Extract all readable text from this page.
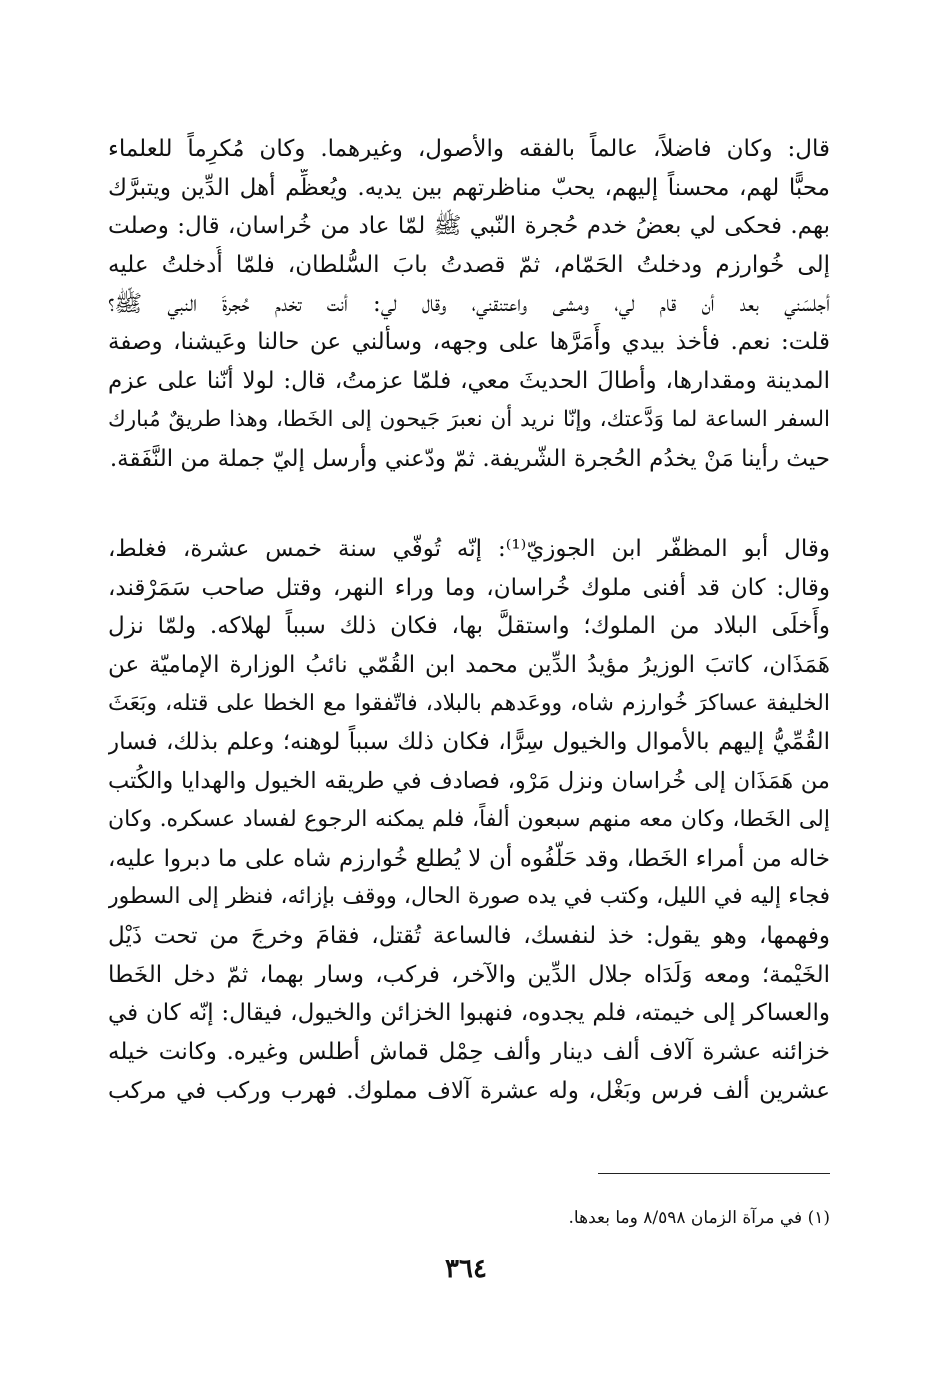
قال: وكان فاضلاً، عالماً بالفقه والأصول، وغيرهما. وكان مُكرِماً للعلماء
محبًّا لهم، محسناً إليهم، يحبّ مناظرتهم بين يديه. ويُعظِّم أهل الدِّين ويتبرَّك
بهم. فحكى لي بعضُ خدم حُجرة النّبي ﷺ لمّا عاد من خُراسان، قال: وصلت
إلى خُوارزم ودخلتُ الحَمّام، ثمّ قصدتُ بابَ السُّلطان، فلمّا أُدخلتُ عليه
أجلسَني بعد أن قام لي، ومشى واعتنقني، وقال لي: أنت تخدم حُجرةَ النبي ﷺ؟
قلت: نعم. فأخذ بيدي وأَمَرَّها على وجهه، وسألني عن حالنا وعَيشنا، وصفة
المدينة ومقدارها، وأطالَ الحديثَ معي، فلمّا عزمتُ، قال: لولا أنّنا على عزم
السفر الساعة لما وَدَّعتك، وإنّا نريد أن نعبرَ جَيحون إلى الخَطا، وهذا طريقٌ مُبارك
حيث رأينا مَنْ يخدُم الحُجرة الشّريفة. ثمّ ودّعني وأرسل إليّ جملة من النَّفَقة.
وقال أبو المظفّر ابن الجوزيّ⁽¹⁾: إنّه تُوفّي سنة خمس عشرة، فغلط،
وقال: كان قد أفنى ملوك خُراسان، وما وراء النهر، وقتل صاحب سَمَرْقند،
وأَخلَى البلاد من الملوك؛ واستقلَّ بها، فكان ذلك سبباً لهلاكه. ولمّا نزل
هَمَذَان، كاتبَ الوزيرُ مؤيدُ الدِّين محمد ابن القُمّي نائبُ الوزارة الإماميّة عن
الخليفة عساكرَ خُوارزم شاه، ووعَدهم بالبلاد، فاتّفقوا مع الخطا على قتله، وبَعَثَ
القُمِّيُّ إليهم بالأموال والخيول سِرًّا، فكان ذلك سبباً لوهنه؛ وعلم بذلك، فسار
من هَمَذَان إلى خُراسان ونزل مَرْو، فصادف في طريقه الخيول والهدايا والكُتب
إلى الخَطا، وكان معه منهم سبعون ألفاً، فلم يمكنه الرجوع لفساد عسكره. وكان
خاله من أمراء الخَطا، وقد حَلّفُوه أن لا يُطلع خُوارزم شاه على ما دبروا عليه،
فجاء إليه في الليل، وكتب في يده صورة الحال، ووقف بإزائه، فنظر إلى السطور
وفهمها، وهو يقول: خذ لنفسك، فالساعة تُقتل، فقامَ وخرجَ من تحت ذَيْل
الخَيْمة؛ ومعه وَلَدَاه جلال الدِّين والآخر، فركب، وسار بهما، ثمّ دخل الخَطا
والعساكر إلى خيمته، فلم يجدوه، فنهبوا الخزائن والخيول، فيقال: إنّه كان في
خزائنه عشرة آلاف ألف دينار وألف حِمْل قماش أطلس وغيره. وكانت خيله
عشرين ألف فرس وبَغْل، وله عشرة آلاف مملوك. فهرب وركب في مركب
(١) في مرآة الزمان ٨/٥٩٨ وما بعدها.
٣٦٤
